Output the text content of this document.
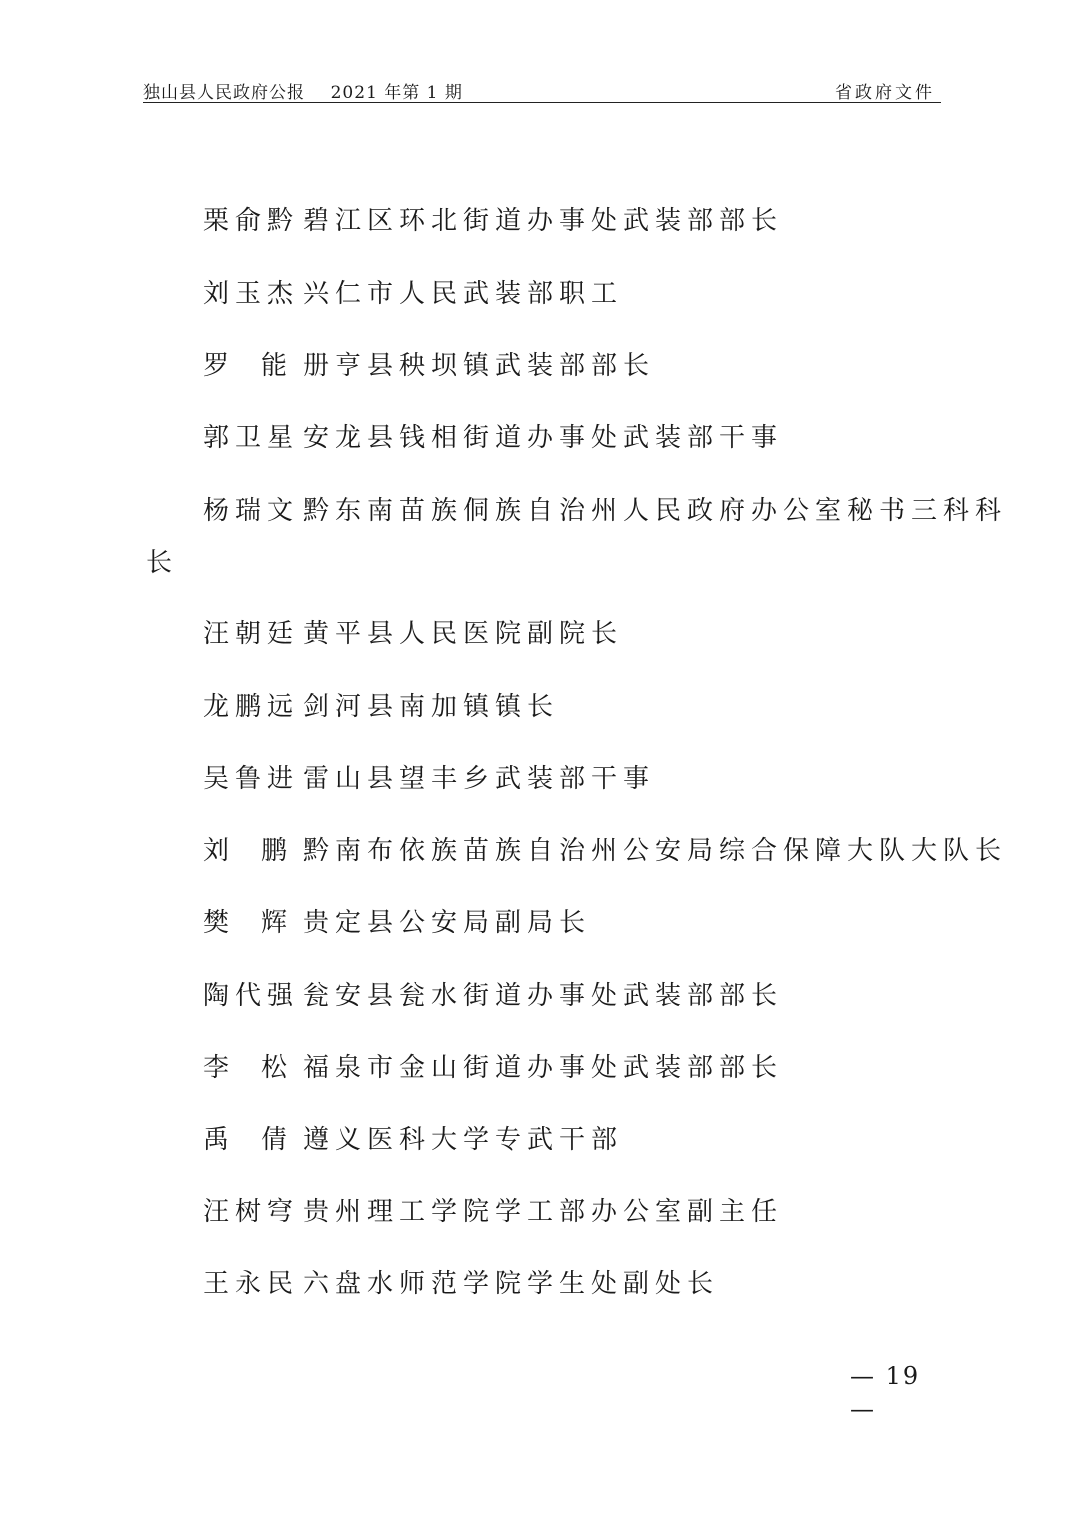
独山县人民政府公报    2021 年第 1 期	省政府文件
栗俞黔 碧江区环北街道办事处武装部部长
刘玉杰 兴仁市人民武装部职工
罗 能 册亨县秧坝镇武装部部长
郭卫星 安龙县钱相街道办事处武装部干事
杨瑞文 黔东南苗族侗族自治州人民政府办公室秘书三科科
长
汪朝廷 黄平县人民医院副院长
龙鹏远 剑河县南加镇镇长
吴鲁进 雷山县望丰乡武装部干事
刘 鹏 黔南布依族苗族自治州公安局综合保障大队大队长
樊 辉 贵定县公安局副局长
陶代强 瓮安县瓮水街道办事处武装部部长
李 松 福泉市金山街道办事处武装部部长
禹 倩 遵义医科大学专武干部
汪树穹 贵州理工学院学工部办公室副主任
王永民 六盘水师范学院学生处副处长
— 19
—
